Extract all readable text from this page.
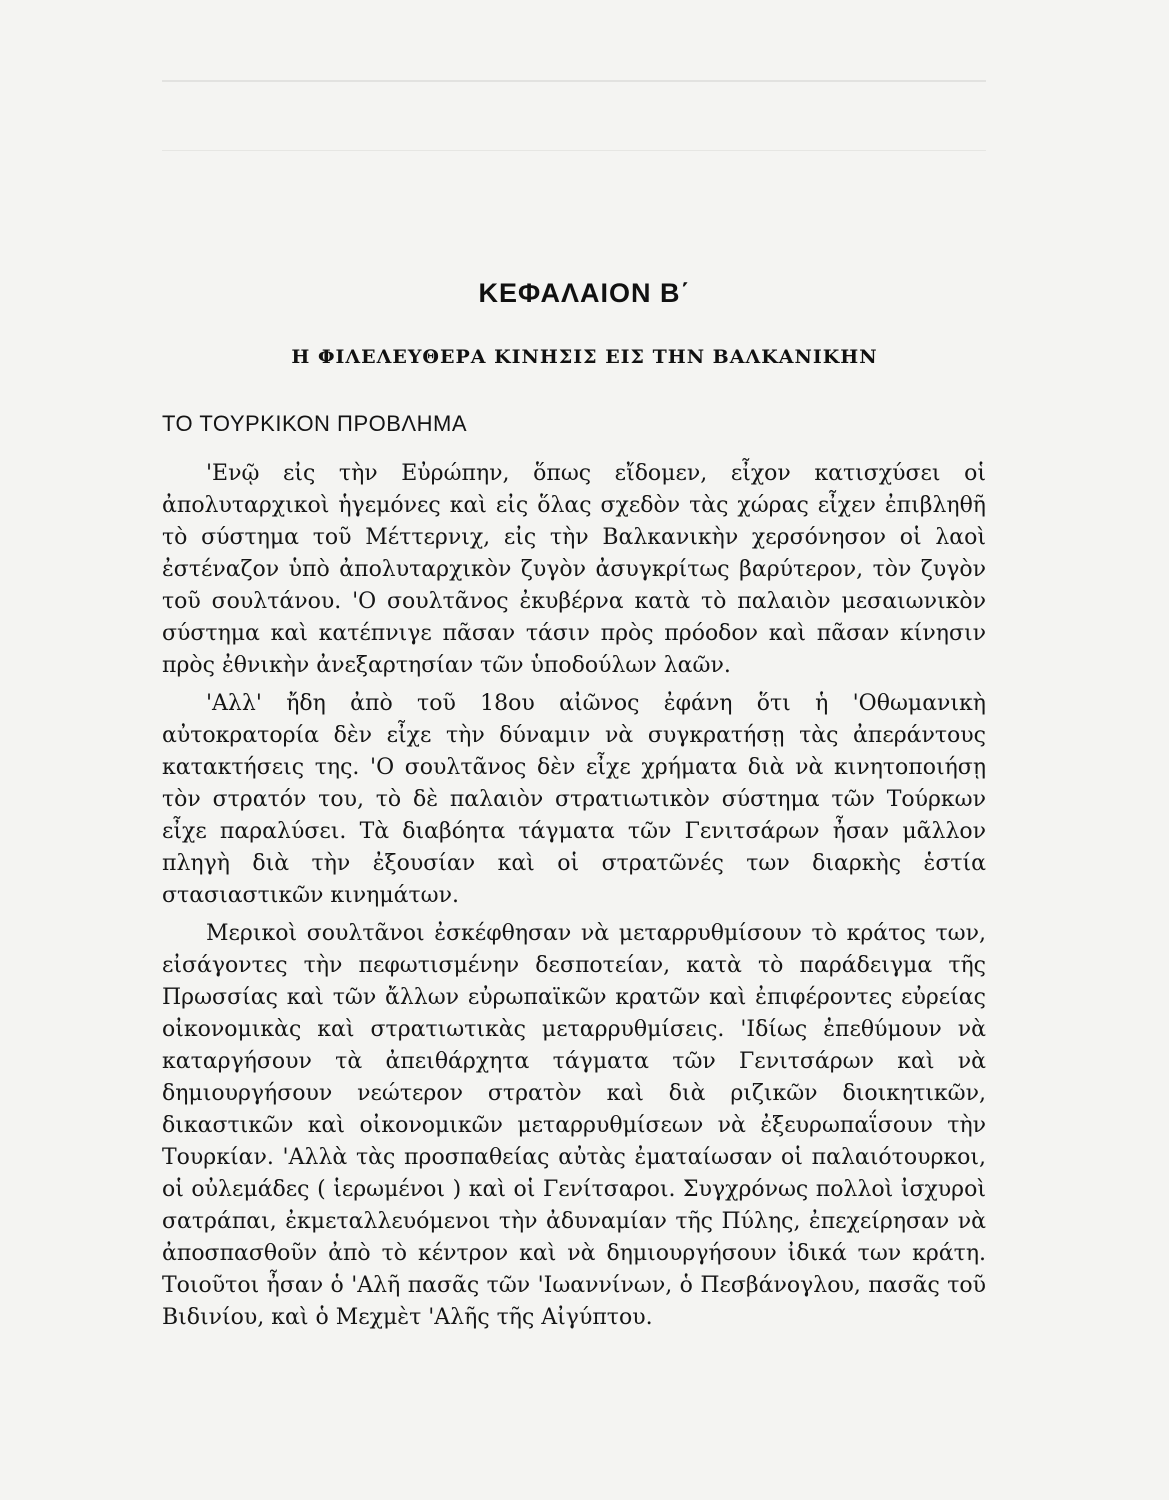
ΚΕΦΑΛΑΙΟΝ Β΄
Η ΦΙΛΕΛΕΥΘΕΡΑ ΚΙΝΗΣΙΣ ΕΙΣ ΤΗΝ ΒΑΛΚΑΝΙΚΗΝ
ΤΟ ΤΟΥΡΚΙΚΟΝ ΠΡΟΒΛΗΜΑ

'Ενῷ εἰς τὴν Εὐρώπην, ὅπως εἴδομεν, εἶχον κατισχύσει οἱ ἀπολυταρχικοὶ ἡγεμόνες καὶ εἰς ὅλας σχεδὸν τὰς χώρας εἶχεν ἐπιβληθῆ τὸ σύστημα τοῦ Μέττερνιχ, εἰς τὴν Βαλκανικὴν χερσόνησον οἱ λαοὶ ἐστέναζον ὑπὸ ἀπολυταρχικὸν ζυγὸν ἀσυγκρίτως βαρύτερον, τὸν ζυγὸν τοῦ σουλτάνου. 'Ο σουλτᾶνος ἐκυβέρνα κατὰ τὸ παλαιὸν μεσαιωνικὸν σύστημα καὶ κατέπνιγε πᾶσαν τάσιν πρὸς πρόοδον καὶ πᾶσαν κίνησιν πρὸς ἐθνικὴν ἀνεξαρτησίαν τῶν ὑποδούλων λαῶν.

'Αλλ' ἤδη ἀπὸ τοῦ 18ου αἰῶνος ἐφάνη ὅτι ἡ 'Οθωμανικὴ αὐτοκρατορία δὲν εἶχε τὴν δύναμιν νὰ συγκρατήσῃ τὰς ἀπεράντους κατακτήσεις της. 'Ο σουλτᾶνος δὲν εἶχε χρήματα διὰ νὰ κινητοποιήσῃ τὸν στρατόν του, τὸ δὲ παλαιὸν στρατιωτικὸν σύστημα τῶν Τούρκων εἶχε παραλύσει. Τὰ διαβόητα τάγματα τῶν Γενιτσάρων ἦσαν μᾶλλον πληγὴ διὰ τὴν ἐξουσίαν καὶ οἱ στρατῶνές των διαρκὴς ἑστία στασιαστικῶν κινημάτων.

Μερικοὶ σουλτᾶνοι ἐσκέφθησαν νὰ μεταρρυθμίσουν τὸ κράτος των, εἰσάγοντες τὴν πεφωτισμένην δεσποτείαν, κατὰ τὸ παράδειγμα τῆς Πρωσσίας καὶ τῶν ἄλλων εὐρωπαϊκῶν κρατῶν καὶ ἐπιφέροντες εὐρείας οἰκονομικὰς καὶ στρατιωτικὰς μεταρρυθμίσεις. 'Ιδίως ἐπεθύμουν νὰ καταργήσουν τὰ ἀπειθάρχητα τάγματα τῶν Γενιτσάρων καὶ νὰ δημιουργήσουν νεώτερον στρατὸν καὶ διὰ ριζικῶν διοικητικῶν, δικαστικῶν καὶ οἰκονομικῶν μεταρρυθμίσεων νὰ ἐξευρωπαΐσουν τὴν Τουρκίαν. 'Αλλὰ τὰς προσπαθείας αὐτὰς ἐματαίωσαν οἱ παλαιότουρκοι, οἱ οὐλεμάδες ( ἱερωμένοι ) καὶ οἱ Γενίτσαροι. Συγχρόνως πολλοὶ ἰσχυροὶ σατράπαι, ἐκμεταλλευόμενοι τὴν ἀδυναμίαν τῆς Πύλης, ἐπεχείρησαν νὰ ἀποσπασθοῦν ἀπὸ τὸ κέντρον καὶ νὰ δημιουργήσουν ἰδικά των κράτη. Τοιοῦτοι ἦσαν ὁ 'Αλῆ πασᾶς τῶν 'Ιωαννίνων, ὁ Πεσβάνογλου, πασᾶς τοῦ Βιδινίου, καὶ ὁ Μεχμὲτ 'Αλῆς τῆς Αἰγύπτου.
